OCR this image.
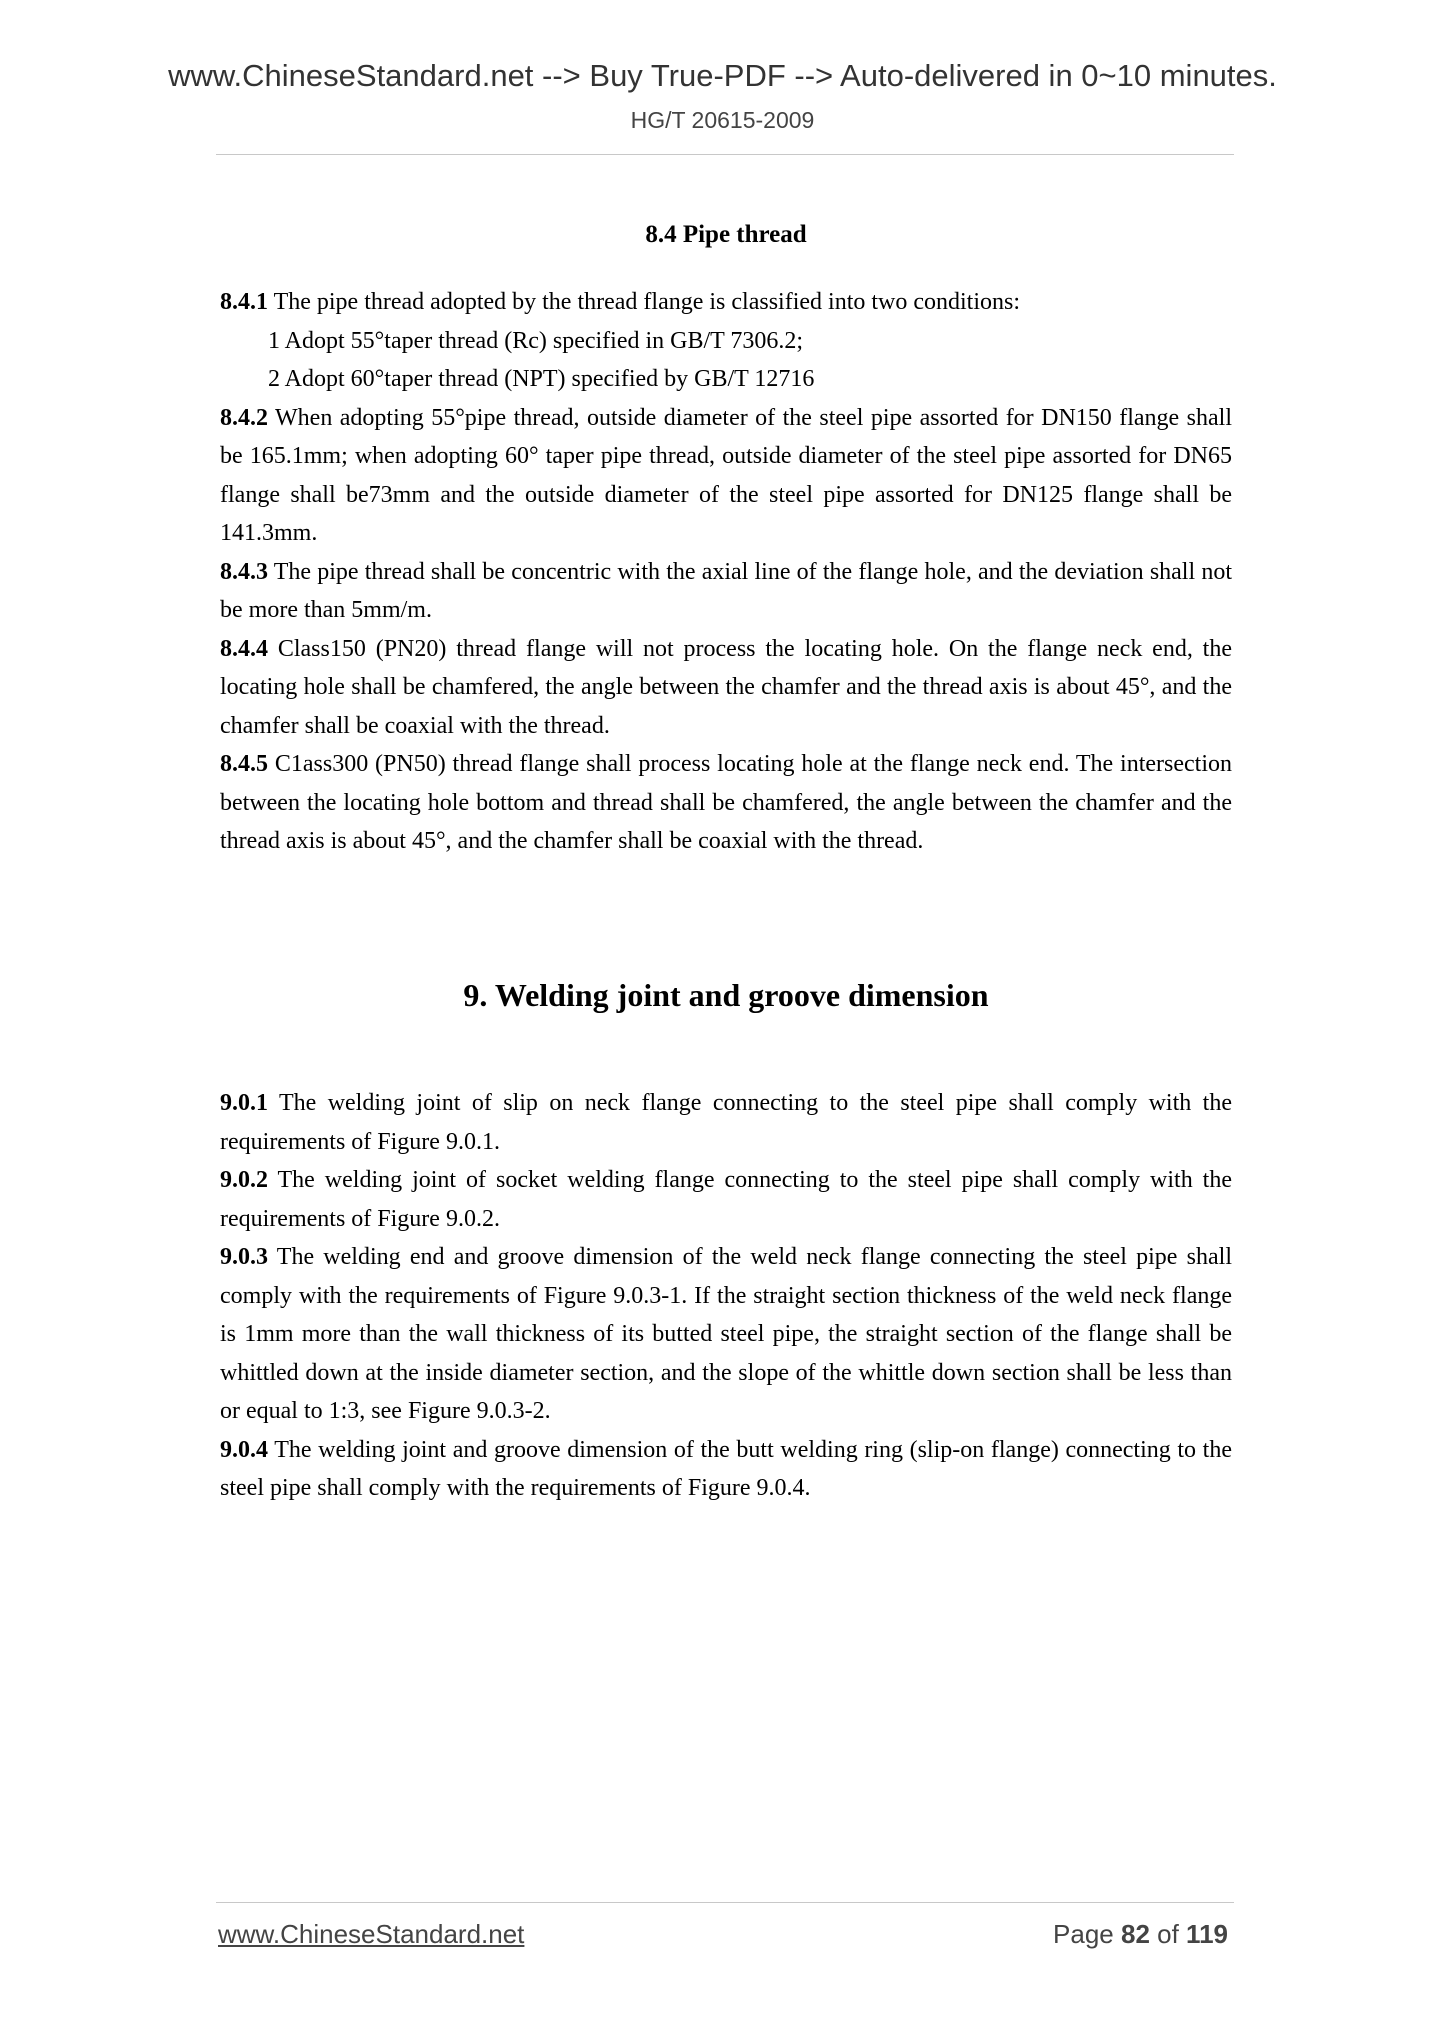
www.ChineseStandard.net --> Buy True-PDF --> Auto-delivered in 0~10 minutes.
HG/T 20615-2009
8.4 Pipe thread

8.4.1 The pipe thread adopted by the thread flange is classified into two conditions:

1 Adopt 55°taper thread (Rc) specified in GB/T 7306.2;

2 Adopt 60°taper thread (NPT) specified by GB/T 12716

8.4.2 When adopting 55°pipe thread, outside diameter of the steel pipe assorted for DN150 flange shall be 165.1mm; when adopting 60° taper pipe thread, outside diameter of the steel pipe assorted for DN65 flange shall be73mm and the outside diameter of the steel pipe assorted for DN125 flange shall be 141.3mm.

8.4.3 The pipe thread shall be concentric with the axial line of the flange hole, and the deviation shall not be more than 5mm/m.

8.4.4 Class150 (PN20) thread flange will not process the locating hole. On the flange neck end, the locating hole shall be chamfered, the angle between the chamfer and the thread axis is about 45°, and the chamfer shall be coaxial with the thread.

8.4.5 C1ass300 (PN50) thread flange shall process locating hole at the flange neck end. The intersection between the locating hole bottom and thread shall be chamfered, the angle between the chamfer and the thread axis is about 45°, and the chamfer shall be coaxial with the thread.

9. Welding joint and groove dimension

9.0.1 The welding joint of slip on neck flange connecting to the steel pipe shall comply with the requirements of Figure 9.0.1.

9.0.2 The welding joint of socket welding flange connecting to the steel pipe shall comply with the requirements of Figure 9.0.2.

9.0.3 The welding end and groove dimension of the weld neck flange connecting the steel pipe shall comply with the requirements of Figure 9.0.3-1. If the straight section thickness of the weld neck flange is 1mm more than the wall thickness of its butted steel pipe, the straight section of the flange shall be whittled down at the inside diameter section, and the slope of the whittle down section shall be less than or equal to 1:3, see Figure 9.0.3-2.

9.0.4 The welding joint and groove dimension of the butt welding ring (slip-on flange) connecting to the steel pipe shall comply with the requirements of Figure 9.0.4.

www.ChineseStandard.net	Page 82 of 119
